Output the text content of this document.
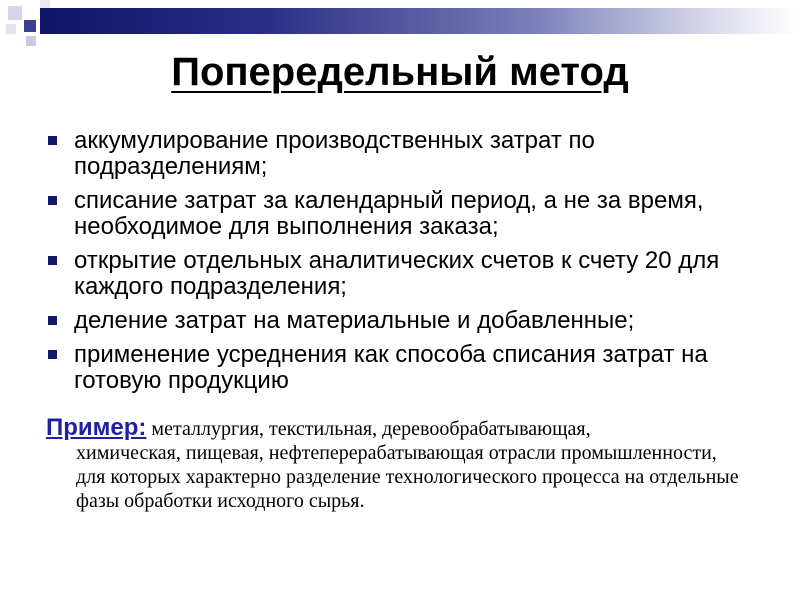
Попередельный метод
аккумулирование производственных затрат по подразделениям;
списание затрат за календарный период, а не за время, необходимое для выполнения заказа;
открытие отдельных аналитических счетов к счету 20 для каждого подразделения;
деление затрат на материальные и добавленные;
применение усреднения как способа списания затрат на готовую продукцию
Пример: металлургия, текстильная, деревообрабатывающая,
химическая, пищевая, нефтеперерабатывающая отрасли промышленности, для которых характерно разделение технологического процесса на отдельные фазы обработки исходного сырья.
